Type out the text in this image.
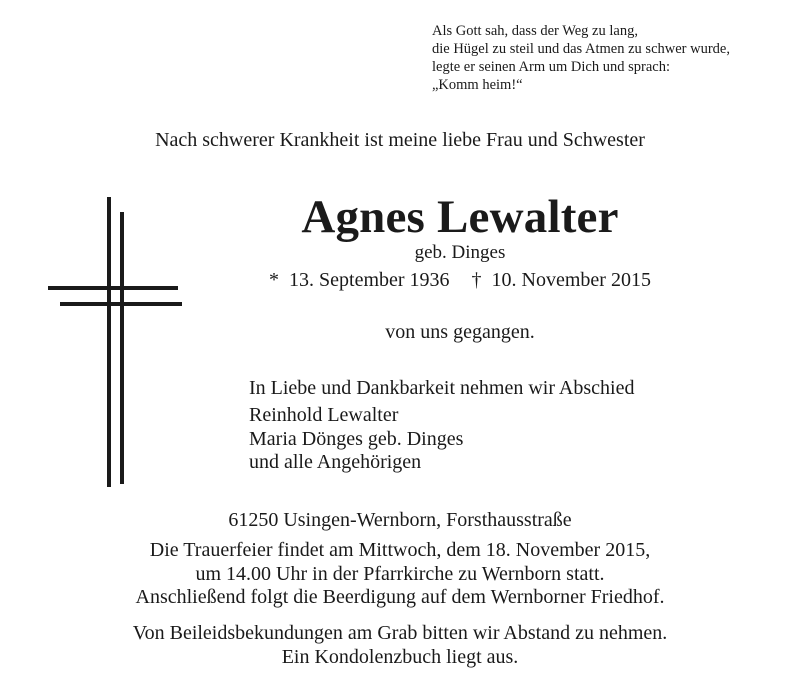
Als Gott sah, dass der Weg zu lang,
die Hügel zu steil und das Atmen zu schwer wurde,
legte er seinen Arm um Dich und sprach:
„Komm heim!“
Nach schwerer Krankheit ist meine liebe Frau und Schwester
Agnes Lewalter
geb. Dinges
* 13. September 1936 † 10. November 2015
von uns gegangen.
In Liebe und Dankbarkeit nehmen wir Abschied
Reinhold Lewalter
Maria Dönges geb. Dinges
und alle Angehörigen
61250 Usingen-Wernborn, Forsthausstraße
Die Trauerfeier findet am Mittwoch, dem 18. November 2015,
um 14.00 Uhr in der Pfarrkirche zu Wernborn statt.
Anschließend folgt die Beerdigung auf dem Wernborner Friedhof.
Von Beileidsbekundungen am Grab bitten wir Abstand zu nehmen.
Ein Kondolenzbuch liegt aus.
